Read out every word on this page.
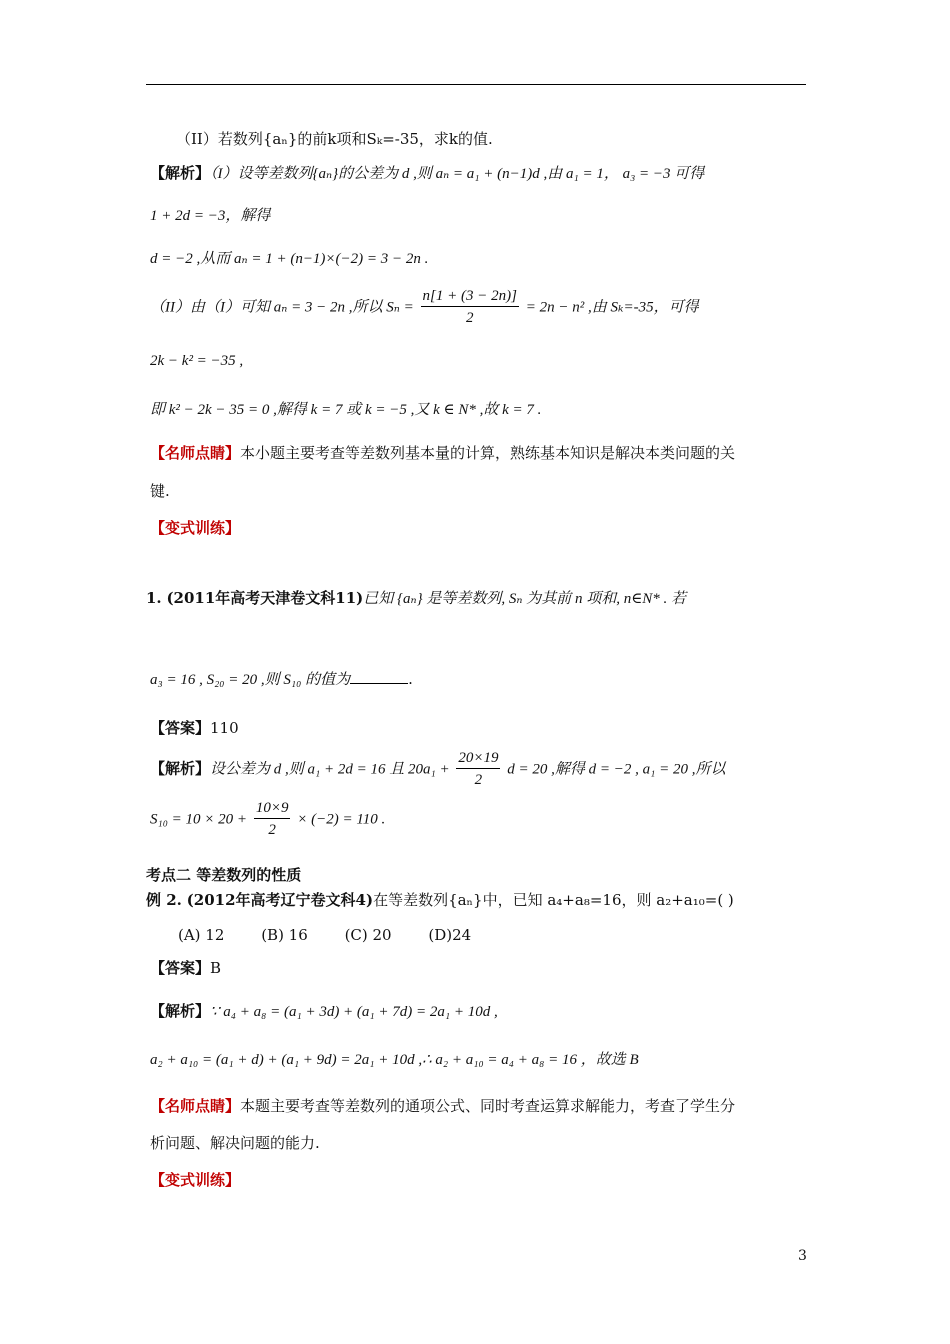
（II）若数列{aₙ}的前k项和Sₖ=-35，求k的值.
【解析】（I）设等差数列{aₙ}的公差为 d ,则 aₙ = a₁ + (n−1)d ,由 a₁ = 1， a₃ = −3 可得
1 + 2d = −3，解得
d = −2 ,从而 aₙ = 1 + (n−1)×(−2) = 3 − 2n .
（II）由（I）可知 aₙ = 3 − 2n ,所以 $S_n = \frac{n[1 + (3 - 2n)]}{2} = 2n - n^2$ ,由 Sₖ=-35，可得
2k − k² = −35 ,
即 k² − 2k − 35 = 0 ,解得 k = 7 或 k = −5 ,又 k ∈ N* ,故 k = 7 .
【名师点睛】本小题主要考查等差数列基本量的计算，熟练基本知识是解决本类问题的关
键.
【变式训练】
1. (2011年高考天津卷文科11)已知 {aₙ} 是等差数列, Sₙ 为其前 n 项和, n∈N* . 若
a₃ = 16 , S₂₀ = 20 ,则 S₁₀ 的值为	.
【答案】110
【解析】设公差为 d ,则 a₁ + 2d = 16 且 $20a_1 + \frac{20\times 19}{2}$ d = 20 ,解得 d = −2 , a₁ = 20 ,所以
$S_{10} = 10 \times 20 + \frac{10\times 9}{2} \times (-2) = 110$ .
考点二 等差数列的性质
例 2. (2012年高考辽宁卷文科4)在等差数列{aₙ}中，已知 a₄+a₈=16，则 a₂+a₁₀=( )
(A) 12 (B) 16 (C) 20 (D)24
【答案】B
【解析】∵ a₄ + a₈ = (a₁ + 3d) + (a₁ + 7d) = 2a₁ + 10d ,
a₂ + a₁₀ = (a₁ + d) + (a₁ + 9d) = 2a₁ + 10d ,∴ a₂ + a₁₀ = a₄ + a₈ = 16 ，故选 B
【名师点睛】本题主要考查等差数列的通项公式、同时考查运算求解能力，考查了学生分
析问题、解决问题的能力.
【变式训练】
3
